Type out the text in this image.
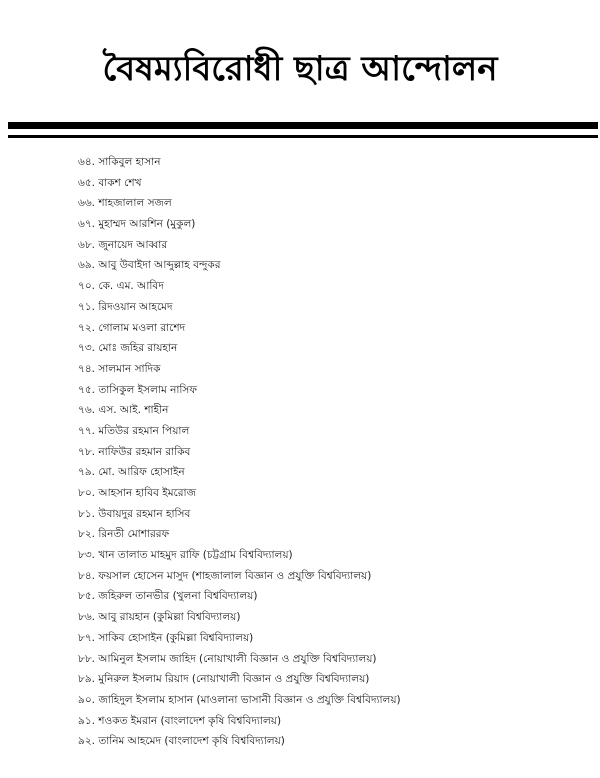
বৈষম্যবিরোধী ছাত্র আন্দোলন
৬৪. সাকিবুল হাসান
৬৫. বাকশ শেখ
৬৬. শাহজালাল সজল
৬৭. মুহাম্মদ আরশিন (মুকুল)
৬৮. জুনায়েদ আব্বার
৬৯. আবু উবাইদা আব্দুল্লাহ বন্দুকর
৭০. কে. এম. আবিদ
৭১. রিদওয়ান আহমেদ
৭২. গোলাম মওলা রাশেদ
৭৩. মোঃ জহির রায়হান
৭৪. সালমান সাদিক
৭৫. তাসিকুল ইসলাম নাসিফ
৭৬. এস. আই. শাহীন
৭৭. মতিউর রহমান পিয়াল
৭৮. নাফিউর রহমান রাকিব
৭৯. মো. আরিফ হোসাইন
৮০. আহসান হাবিব ইমরোজ
৮১. উবায়দুর রহমান হাসিব
৮২. রিনতী মোশাররফ
৮৩. খান তালাত মাহমুদ রাফি (চট্টগ্রাম বিশ্ববিদ্যালয়)
৮৪. ফয়সাল হোসেন মাসুদ (শাহজালাল বিজ্ঞান ও প্রযুক্তি বিশ্ববিদ্যালয়)
৮৫. জহিরুল তানভীর (খুলনা বিশ্ববিদ্যালয়)
৮৬. আবু রায়হান (কুমিল্লা বিশ্ববিদ্যালয়)
৮৭. সাকিব হোসাইন (কুমিল্লা বিশ্ববিদ্যালয়)
৮৮. আমিনুল ইসলাম জাহিদ (নোয়াখালী বিজ্ঞান ও প্রযুক্তি বিশ্ববিদ্যালয়)
৮৯. মুনিরুল ইসলাম রিয়াদ (নোয়াখালী বিজ্ঞান ও প্রযুক্তি বিশ্ববিদ্যালয়)
৯০. জাহিদুল ইসলাম হাসান (মাওলানা ভাসানী বিজ্ঞান ও প্রযুক্তি বিশ্ববিদ্যালয়)
৯১. শওকত ইমরান (বাংলাদেশ কৃষি বিশ্ববিদ্যালয়)
৯২. তানিম আহমেদ (বাংলাদেশ কৃষি বিশ্ববিদ্যালয়)
